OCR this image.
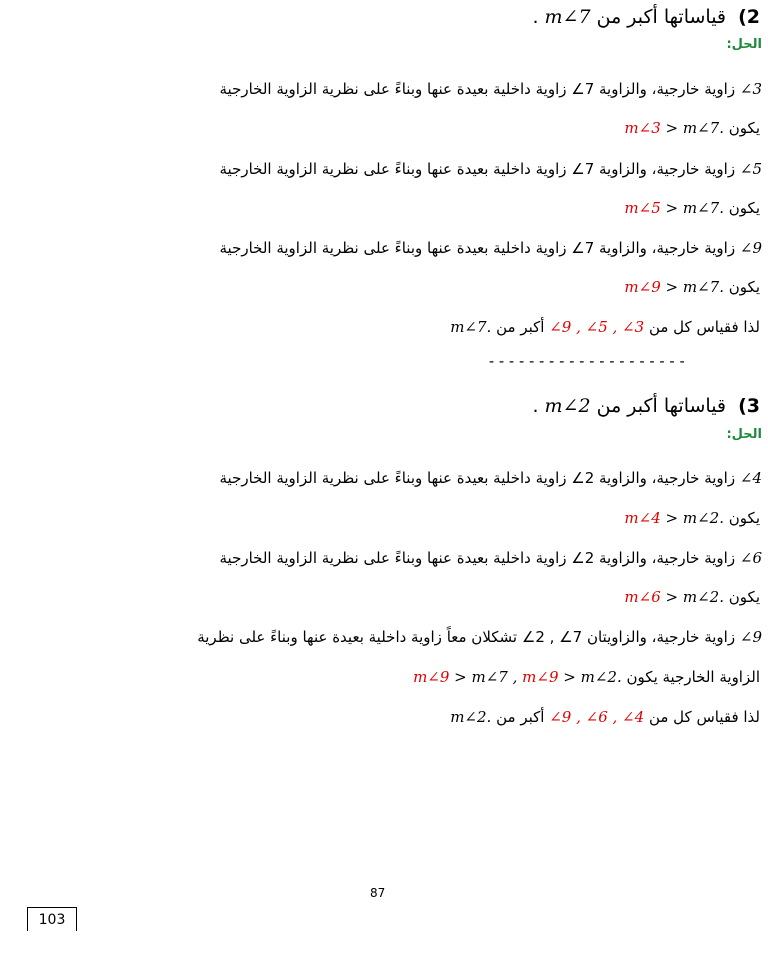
2) قياساتها أكبر من m∠7 .
الحل:
∠3 زاوية خارجية، والزاوية 7∠ زاوية داخلية بعيدة عنها وبناءً على نظرية الزاوية الخارجية
يكون m∠3 > m∠7.
∠5 زاوية خارجية، والزاوية 7∠ زاوية داخلية بعيدة عنها وبناءً على نظرية الزاوية الخارجية
يكون m∠5 > m∠7.
∠9 زاوية خارجية، والزاوية 7∠ زاوية داخلية بعيدة عنها وبناءً على نظرية الزاوية الخارجية
يكون m∠9 > m∠7.
لذا فقياس كل من ∠9 , ∠5 , ∠3 أكبر من m∠7.
--------------------
3) قياساتها أكبر من m∠2 .
الحل:
∠4 زاوية خارجية، والزاوية 2∠ زاوية داخلية بعيدة عنها وبناءً على نظرية الزاوية الخارجية
يكون m∠4 > m∠2.
∠6 زاوية خارجية، والزاوية 2∠ زاوية داخلية بعيدة عنها وبناءً على نظرية الزاوية الخارجية
يكون m∠6 > m∠2.
∠9 زاوية خارجية، والزاويتان 7∠ , 2∠ تشكلان معاً زاوية داخلية بعيدة عنها وبناءً على نظرية
الزاوية الخارجية يكون m∠9 > m∠7 , m∠9 > m∠2.
لذا فقياس كل من ∠9 , ∠6 , ∠4 أكبر من m∠2.
87
103
